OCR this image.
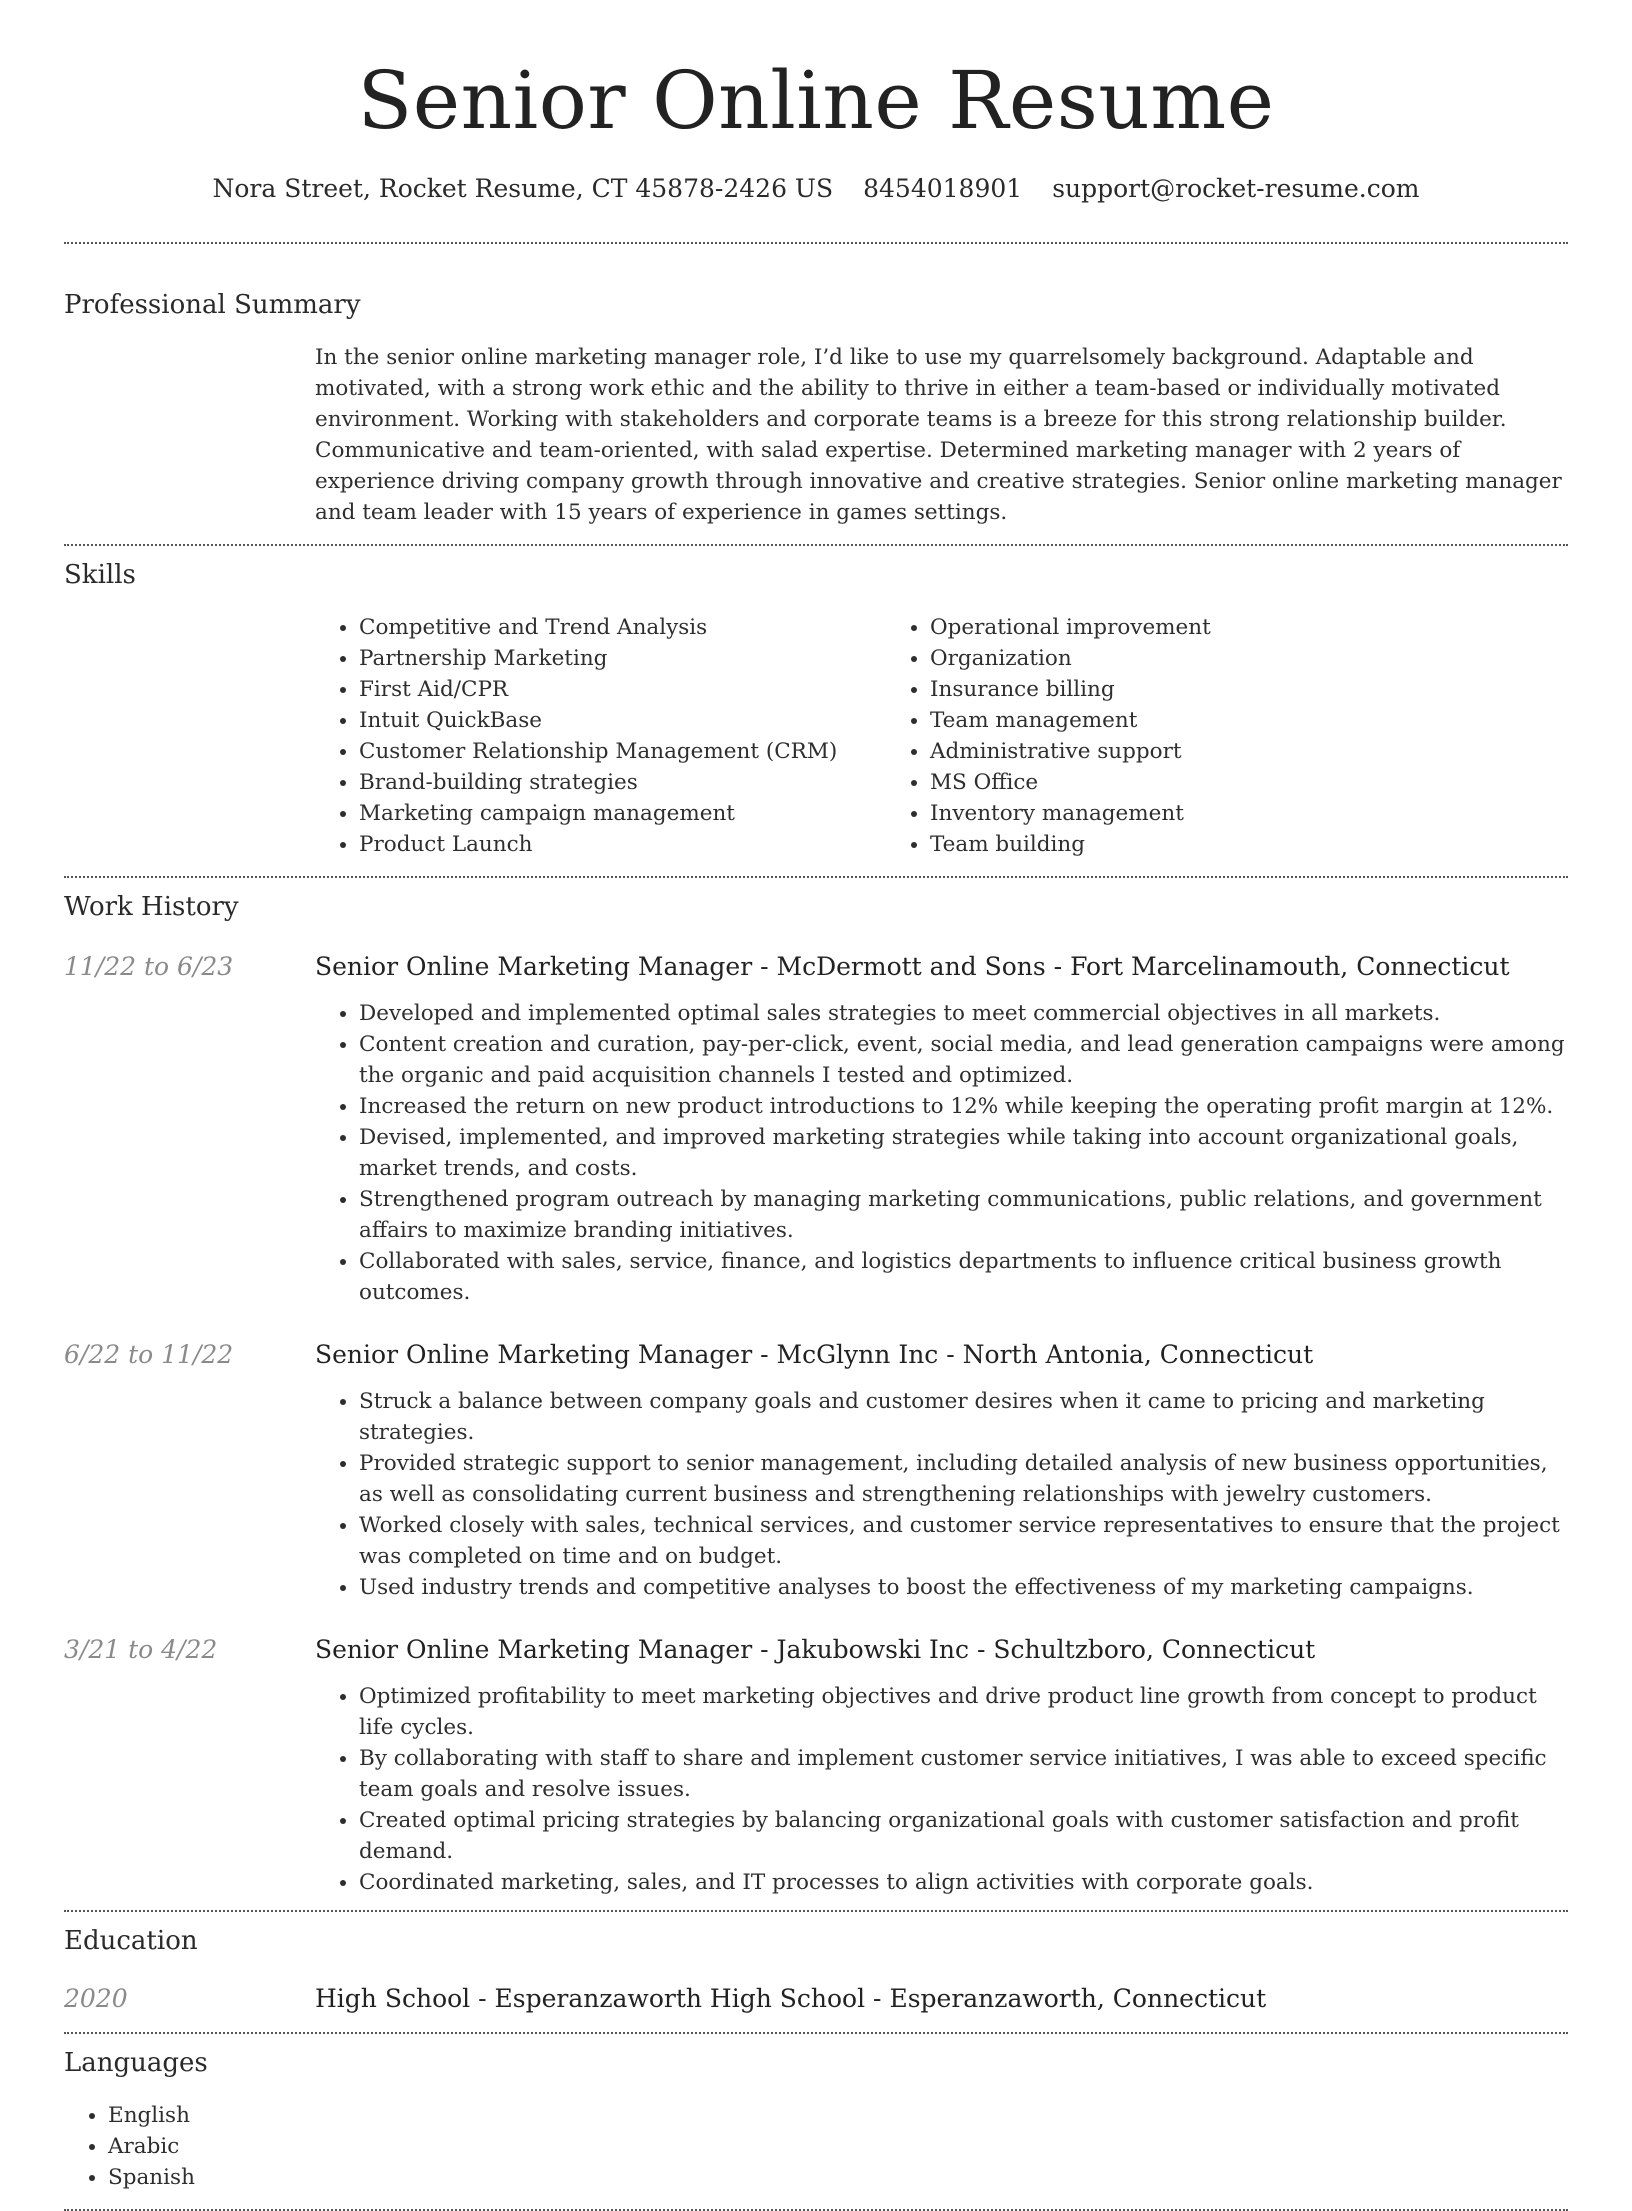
Senior Online Resume
Nora Street, Rocket Resume, CT 45878-2426 US 8454018901 support@rocket-resume.com
Professional Summary

In the senior online marketing manager role, I’d like to use my quarrelsomely background. Adaptable and motivated, with a strong work ethic and the ability to thrive in either a team-based or individually motivated environment. Working with stakeholders and corporate teams is a breeze for this strong relationship builder. Communicative and team-oriented, with salad expertise. Determined marketing manager with 2 years of experience driving company growth through innovative and creative strategies. Senior online marketing manager and team leader with 15 years of experience in games settings.

Skills
• Competitive and Trend Analysis
• Partnership Marketing
• First Aid/CPR
• Intuit QuickBase
• Customer Relationship Management (CRM)
• Brand-building strategies
• Marketing campaign management
• Product Launch
• Operational improvement
• Organization
• Insurance billing
• Team management
• Administrative support
• MS Office
• Inventory management
• Team building
Work History
11/22 to 6/23	Senior Online Marketing Manager - McDermott and Sons - Fort Marcelinamouth, Connecticut
• Developed and implemented optimal sales strategies to meet commercial objectives in all markets.
• Content creation and curation, pay-per-click, event, social media, and lead generation campaigns were among the organic and paid acquisition channels I tested and optimized.
• Increased the return on new product introductions to 12% while keeping the operating profit margin at 12%.
• Devised, implemented, and improved marketing strategies while taking into account organizational goals, market trends, and costs.
• Strengthened program outreach by managing marketing communications, public relations, and government affairs to maximize branding initiatives.
• Collaborated with sales, service, finance, and logistics departments to influence critical business growth outcomes.
6/22 to 11/22	Senior Online Marketing Manager - McGlynn Inc - North Antonia, Connecticut
• Struck a balance between company goals and customer desires when it came to pricing and marketing strategies.
• Provided strategic support to senior management, including detailed analysis of new business opportunities, as well as consolidating current business and strengthening relationships with jewelry customers.
• Worked closely with sales, technical services, and customer service representatives to ensure that the project was completed on time and on budget.
• Used industry trends and competitive analyses to boost the effectiveness of my marketing campaigns.
3/21 to 4/22	Senior Online Marketing Manager - Jakubowski Inc - Schultzboro, Connecticut
• Optimized profitability to meet marketing objectives and drive product line growth from concept to product life cycles.
• By collaborating with staff to share and implement customer service initiatives, I was able to exceed specific team goals and resolve issues.
• Created optimal pricing strategies by balancing organizational goals with customer satisfaction and profit demand.
• Coordinated marketing, sales, and IT processes to align activities with corporate goals.
Education
2020	High School - Esperanzaworth High School - Esperanzaworth, Connecticut
Languages
• English
• Arabic
• Spanish
